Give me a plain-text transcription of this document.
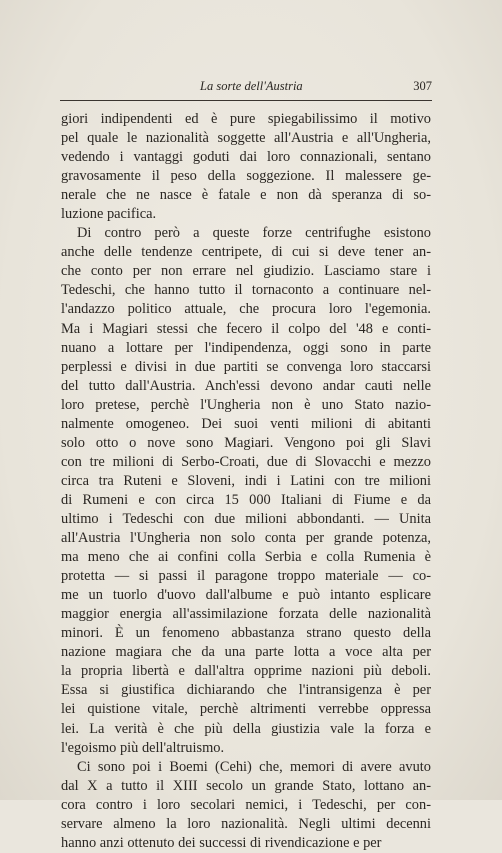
La sorte dell'Austria	307
giori indipendenti ed è pure spiegabilissimo il motivo
pel quale le nazionalità soggette all'Austria e all'Ungheria,
vedendo i vantaggi goduti dai loro connazionali, sentano
gravosamente il peso della soggezione. Il malessere ge-
nerale che ne nasce è fatale e non dà speranza di so-
luzione pacifica.
Di contro però a queste forze centrifughe esistono
anche delle tendenze centripete, di cui si deve tener an-
che conto per non errare nel giudizio. Lasciamo stare i
Tedeschi, che hanno tutto il tornaconto a continuare nel-
l'andazzo politico attuale, che procura loro l'egemonia.
Ma i Magiari stessi che fecero il colpo del '48 e conti-
nuano a lottare per l'indipendenza, oggi sono in parte
perplessi e divisi in due partiti se convenga loro staccarsi
del tutto dall'Austria. Anch'essi devono andar cauti nelle
loro pretese, perchè l'Ungheria non è uno Stato nazio-
nalmente omogeneo. Dei suoi venti milioni di abitanti
solo otto o nove sono Magiari. Vengono poi gli Slavi
con tre milioni di Serbo-Croati, due di Slovacchi e mezzo
circa tra Ruteni e Sloveni, indi i Latini con tre milioni
di Rumeni e con circa 15 000 Italiani di Fiume e da
ultimo i Tedeschi con due milioni abbondanti. — Unita
all'Austria l'Ungheria non solo conta per grande potenza,
ma meno che ai confini colla Serbia e colla Rumenia è
protetta — si passi il paragone troppo materiale — co-
me un tuorlo d'uovo dall'albume e può intanto esplicare
maggior energia all'assimilazione forzata delle nazionalità
minori. È un fenomeno abbastanza strano questo della
nazione magiara che da una parte lotta a voce alta per
la propria libertà e dall'altra opprime nazioni più deboli.
Essa si giustifica dichiarando che l'intransigenza è per
lei quistione vitale, perchè altrimenti verrebbe oppressa
lei. La verità è che più della giustizia vale la forza e
l'egoismo più dell'altruismo.
Ci sono poi i Boemi (Cehi) che, memori di avere avuto
dal X a tutto il XIII secolo un grande Stato, lottano an-
cora contro i loro secolari nemici, i Tedeschi, per con-
servare almeno la loro nazionalità. Negli ultimi decenni
hanno anzi ottenuto dei successi di rivendicazione e per
